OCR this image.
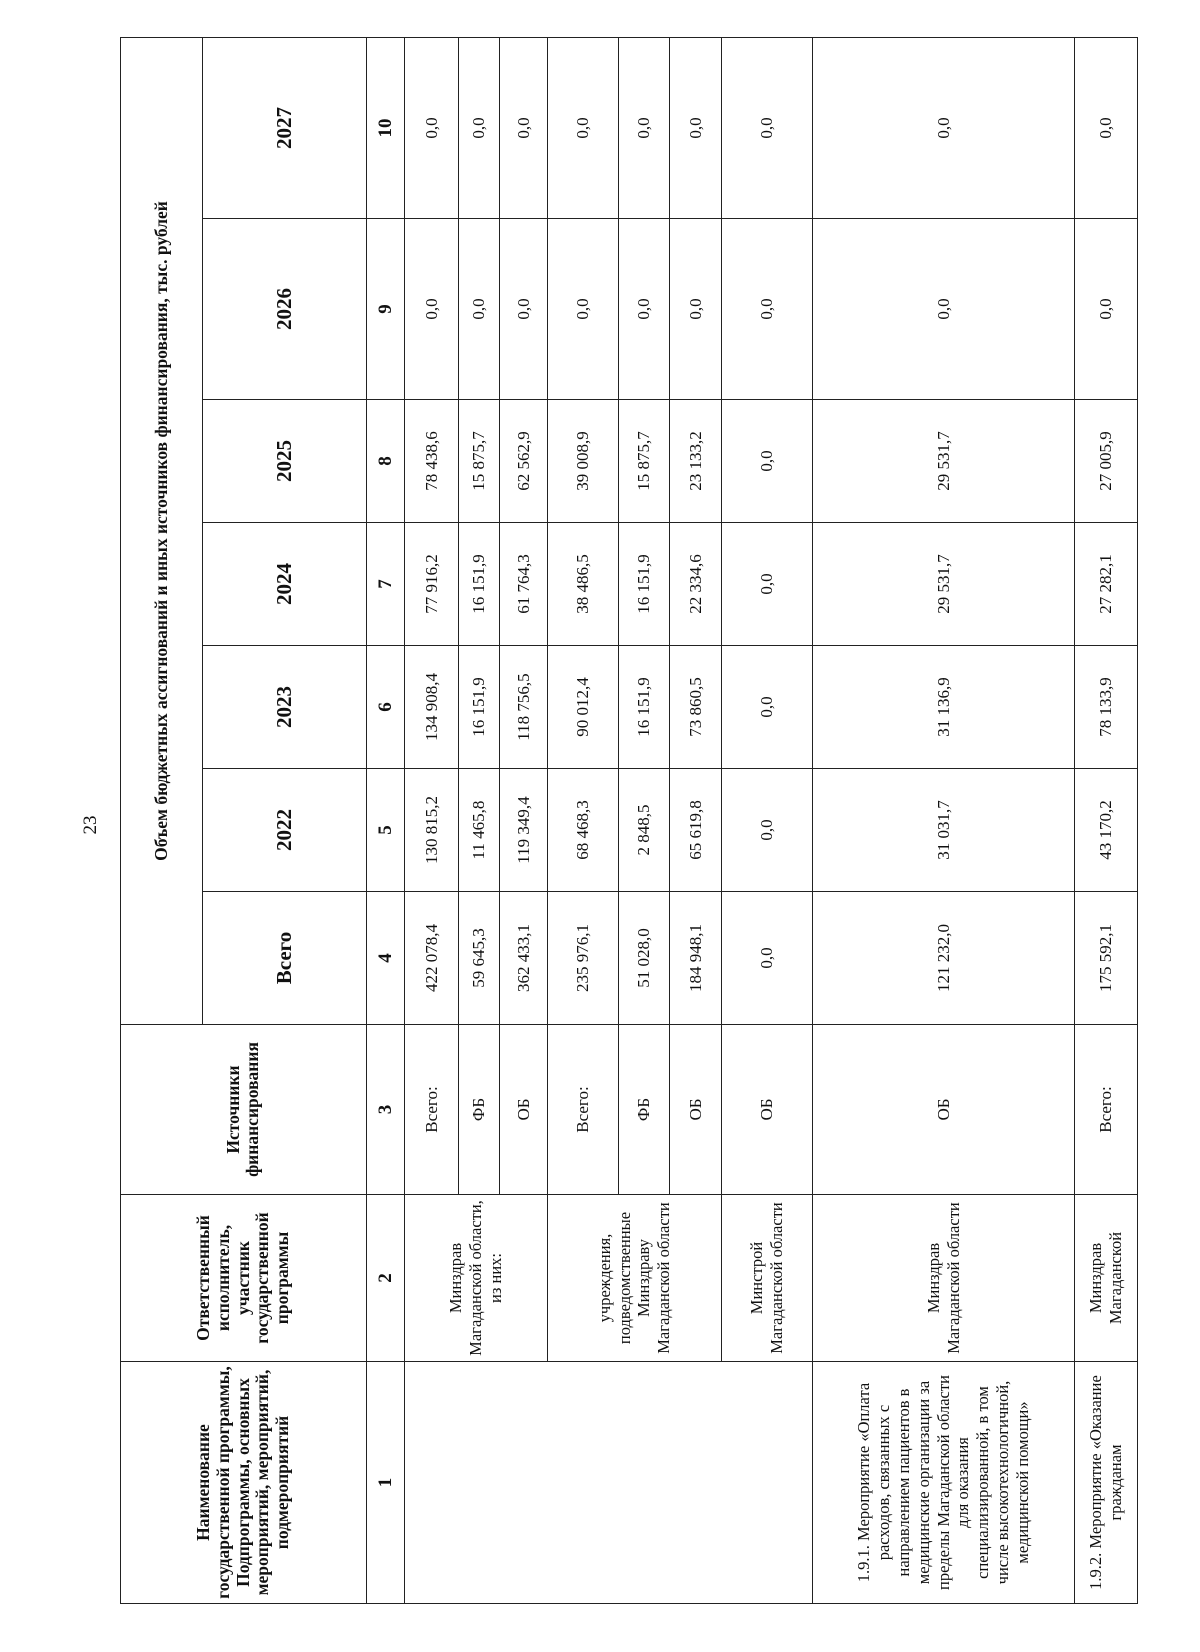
23
Наименование государственной программы, Подпрограммы, основных мероприятий, мероприятий, подмероприятий	Ответственный исполнитель, участник государственной программы	Источники финансирования	Объем бюджетных ассигнований и иных источников финансирования, тыс. рублей						
			Всего	2022	2023	2024	2025	2026	2027
1	2	3	4	5	6	7	8	9	10
	Минздрав Магаданской области, из них:	Всего:	422 078,4	130 815,2	134 908,4	77 916,2	78 438,6	0,0	0,0
		ФБ	59 645,3	11 465,8	16 151,9	16 151,9	15 875,7	0,0	0,0
		ОБ	362 433,1	119 349,4	118 756,5	61 764,3	62 562,9	0,0	0,0
	учреждения, подведомственные Минздраву Магаданской области	Всего:	235 976,1	68 468,3	90 012,4	38 486,5	39 008,9	0,0	0,0
		ФБ	51 028,0	2 848,5	16 151,9	16 151,9	15 875,7	0,0	0,0
		ОБ	184 948,1	65 619,8	73 860,5	22 334,6	23 133,2	0,0	0,0
	Минстрой Магаданской области	ОБ	0,0	0,0	0,0	0,0	0,0	0,0	0,0
1.9.1. Мероприятие «Оплата расходов, связанных с направлением пациентов в медицинские организации за пределы Магаданской области для оказания специализированной, в том числе высокотехнологичной, медицинской помощи»	Минздрав Магаданской области	ОБ	121 232,0	31 031,7	31 136,9	29 531,7	29 531,7	0,0	0,0
1.9.2. Мероприятие «Оказание гражданам	Минздрав Магаданской	Всего:	175 592,1	43 170,2	78 133,9	27 282,1	27 005,9	0,0	0,0
